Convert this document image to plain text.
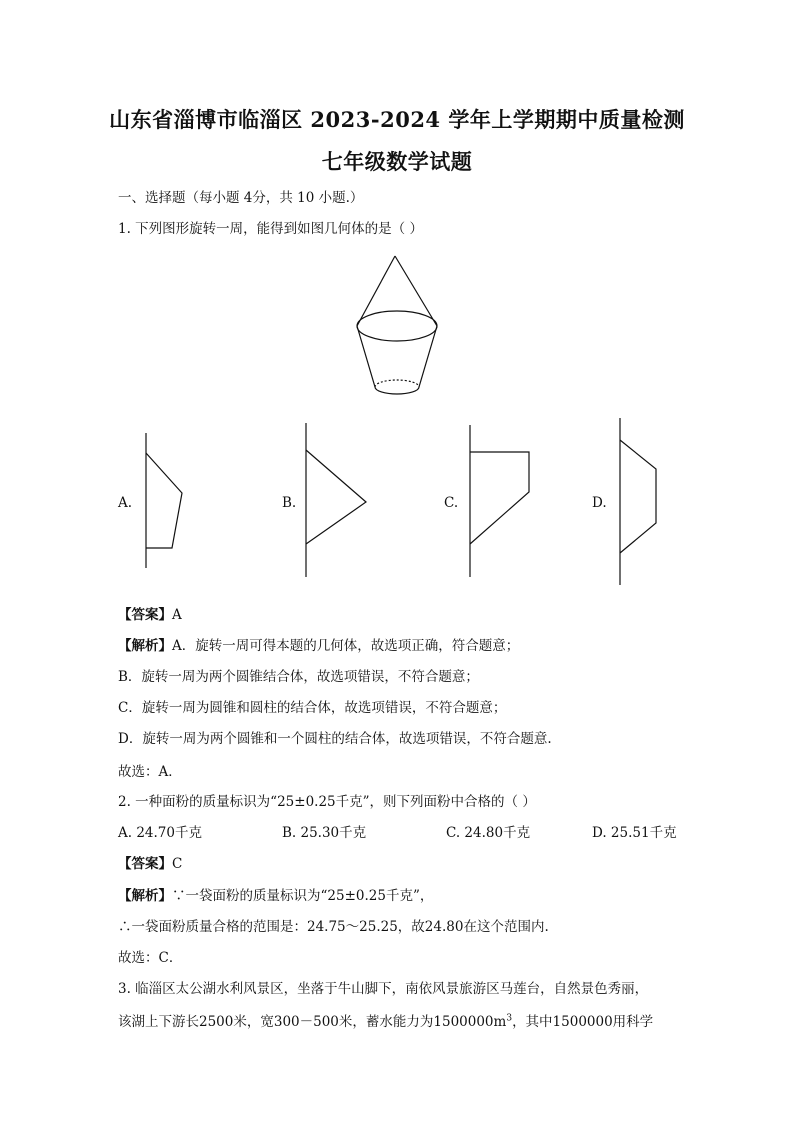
山东省淄博市临淄区 2023-2024 学年上学期期中质量检测
七年级数学试题
一、选择题（每小题 4分，共 10 小题.）
1. 下列图形旋转一周，能得到如图几何体的是（ ）
A.	B.	C.	D.
【答案】A
【解析】A．旋转一周可得本题的几何体，故选项正确，符合题意；
B．旋转一周为两个圆锥结合体，故选项错误，不符合题意；
C．旋转一周为圆锥和圆柱的结合体，故选项错误，不符合题意；
D．旋转一周为两个圆锥和一个圆柱的结合体，故选项错误，不符合题意.
故选：A．
2. 一种面粉的质量标识为“25±0.25千克”，则下列面粉中合格的（ ）
A. 24.70千克	B. 25.30千克	C. 24.80千克	D. 25.51千克
【答案】C
【解析】∵一袋面粉的质量标识为“25±0.25千克”，
∴一袋面粉质量合格的范围是：24.75～25.25，故24.80在这个范围内.
故选：C．
3. 临淄区太公湖水利风景区，坐落于牛山脚下，南依风景旅游区马莲台，自然景色秀丽，
该湖上下游长2500米，宽300－500米，蓄水能力为$1500000m^3$，其中1500000用科学
